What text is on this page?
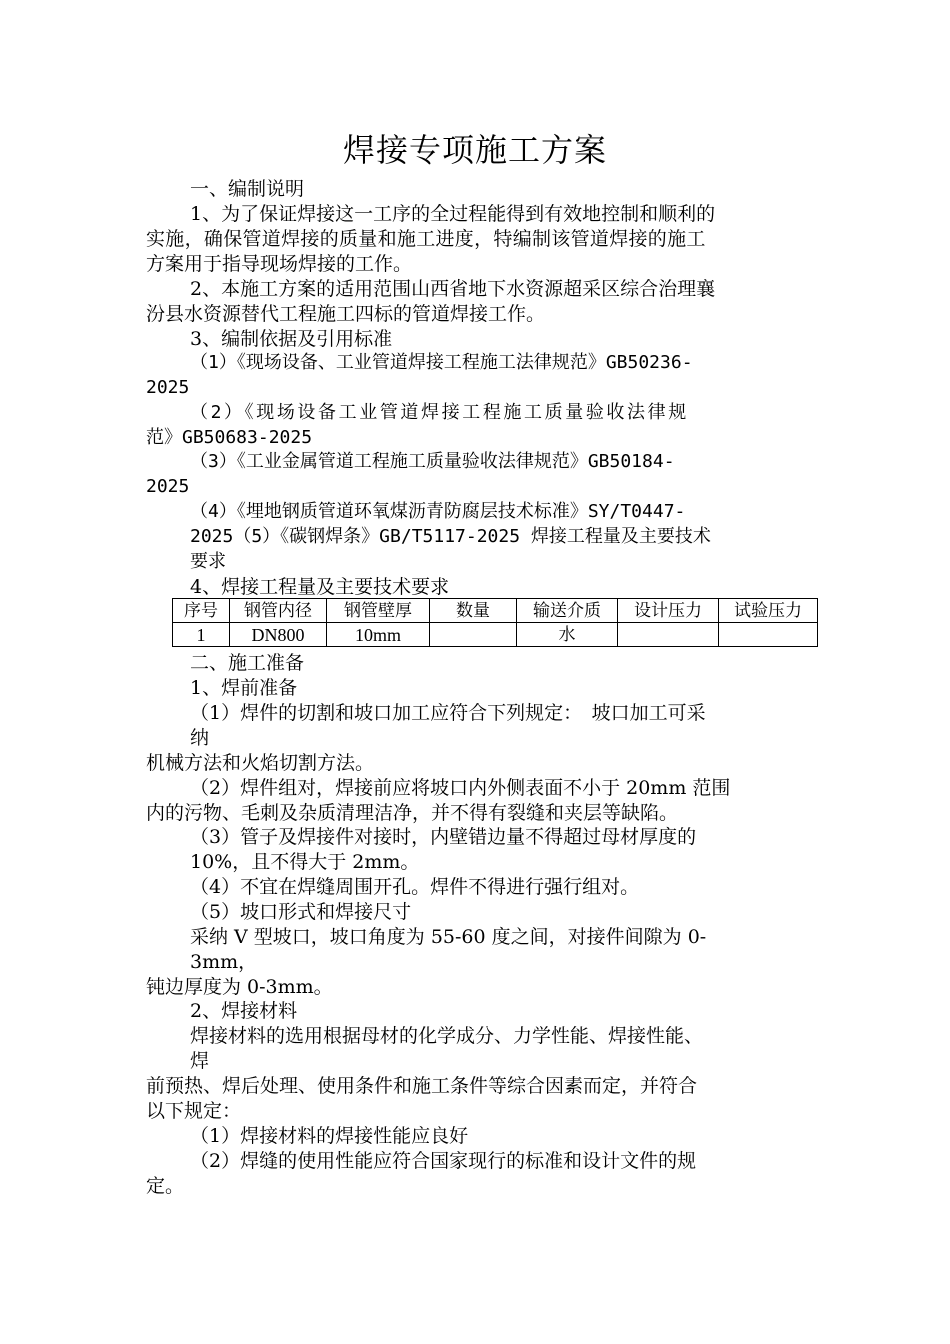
焊接专项施工方案
一、编制说明
1、为了保证焊接这一工序的全过程能得到有效地控制和顺利的
实施，确保管道焊接的质量和施工进度，特编制该管道焊接的施工
方案用于指导现场焊接的工作。
2、本施工方案的适用范围山西省地下水资源超采区综合治理襄
汾县水资源替代工程施工四标的管道焊接工作。
3、编制依据及引用标准
（1）《现场设备、工业管道焊接工程施工法律规范》GB50236-
2025
（2）《现场设备工业管道焊接工程施工质量验收法律规
范》GB50683-2025
（3）《工业金属管道工程施工质量验收法律规范》GB50184-
2025
（4）《埋地钢质管道环氧煤沥青防腐层技术标准》SY/T0447-
2025（5）《碳钢焊条》GB/T5117-2025 焊接工程量及主要技术
要求
4、焊接工程量及主要技术要求
序号	钢管内径	钢管壁厚	数量	输送介质	设计压力	试验压力
1	DN800	10mm		水		
二、施工准备
1、焊前准备
（1）焊件的切割和坡口加工应符合下列规定：　坡口加工可采
纳
机械方法和火焰切割方法。
（2）焊件组对，焊接前应将坡口内外侧表面不小于 20mm 范围
内的污物、毛刺及杂质清理洁净，并不得有裂缝和夹层等缺陷。
（3）管子及焊接件对接时，内壁错边量不得超过母材厚度的
10%，且不得大于 2mm。
（4）不宜在焊缝周围开孔。焊件不得进行强行组对。
（5）坡口形式和焊接尺寸
采纳 V 型坡口，坡口角度为 55-60 度之间，对接件间隙为 0-
3mm，
钝边厚度为 0-3mm。
2、焊接材料
焊接材料的选用根据母材的化学成分、力学性能、焊接性能、
焊
前预热、焊后处理、使用条件和施工条件等综合因素而定，并符合
以下规定：
（1）焊接材料的焊接性能应良好
（2）焊缝的使用性能应符合国家现行的标准和设计文件的规
定。
